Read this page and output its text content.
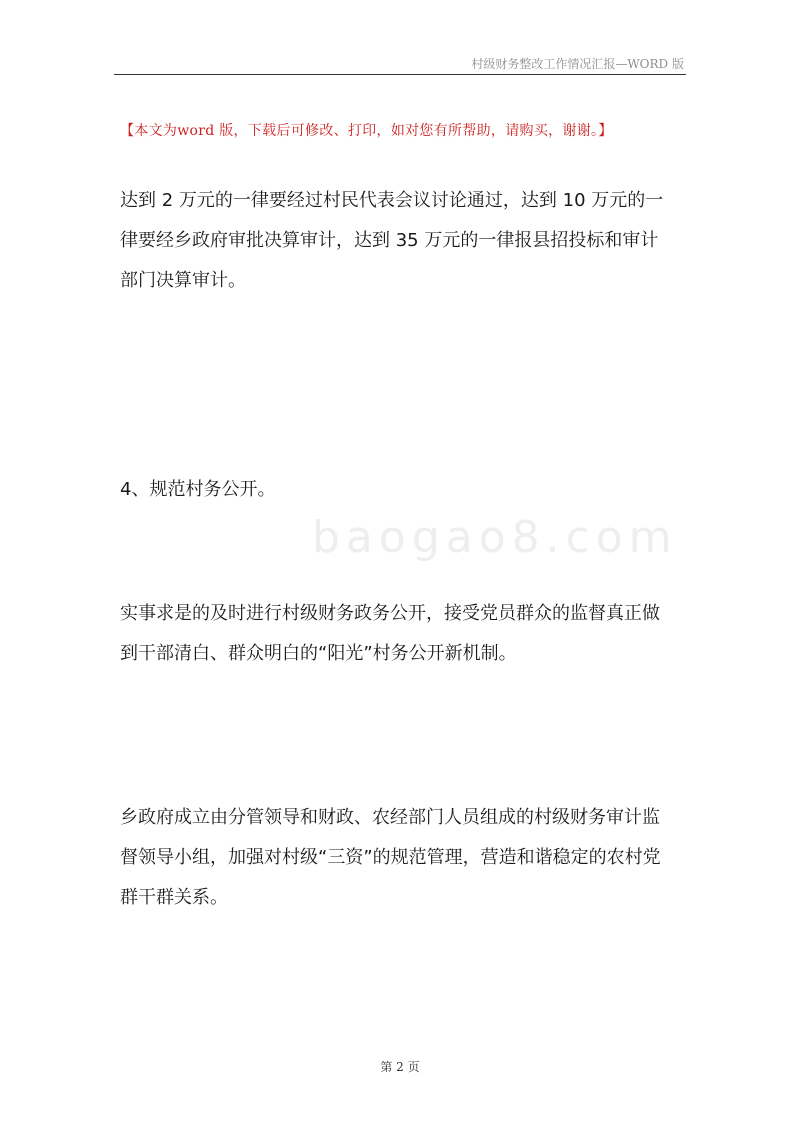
村级财务整改工作情况汇报—WORD 版
【本文为word 版，下载后可修改、打印，如对您有所帮助，请购买，谢谢。】
baogao8.com

达到 2 万元的一律要经过村民代表会议讨论通过，达到 10 万元的一
律要经乡政府审批决算审计，达到 35 万元的一律报县招投标和审计
部门决算审计。

4、规范村务公开。

实事求是的及时进行村级财务政务公开，接受党员群众的监督真正做
到干部清白、群众明白的“阳光”村务公开新机制。

乡政府成立由分管领导和财政、农经部门人员组成的村级财务审计监
督领导小组，加强对村级“三资”的规范管理，营造和谐稳定的农村党
群干群关系。

第 2 页
